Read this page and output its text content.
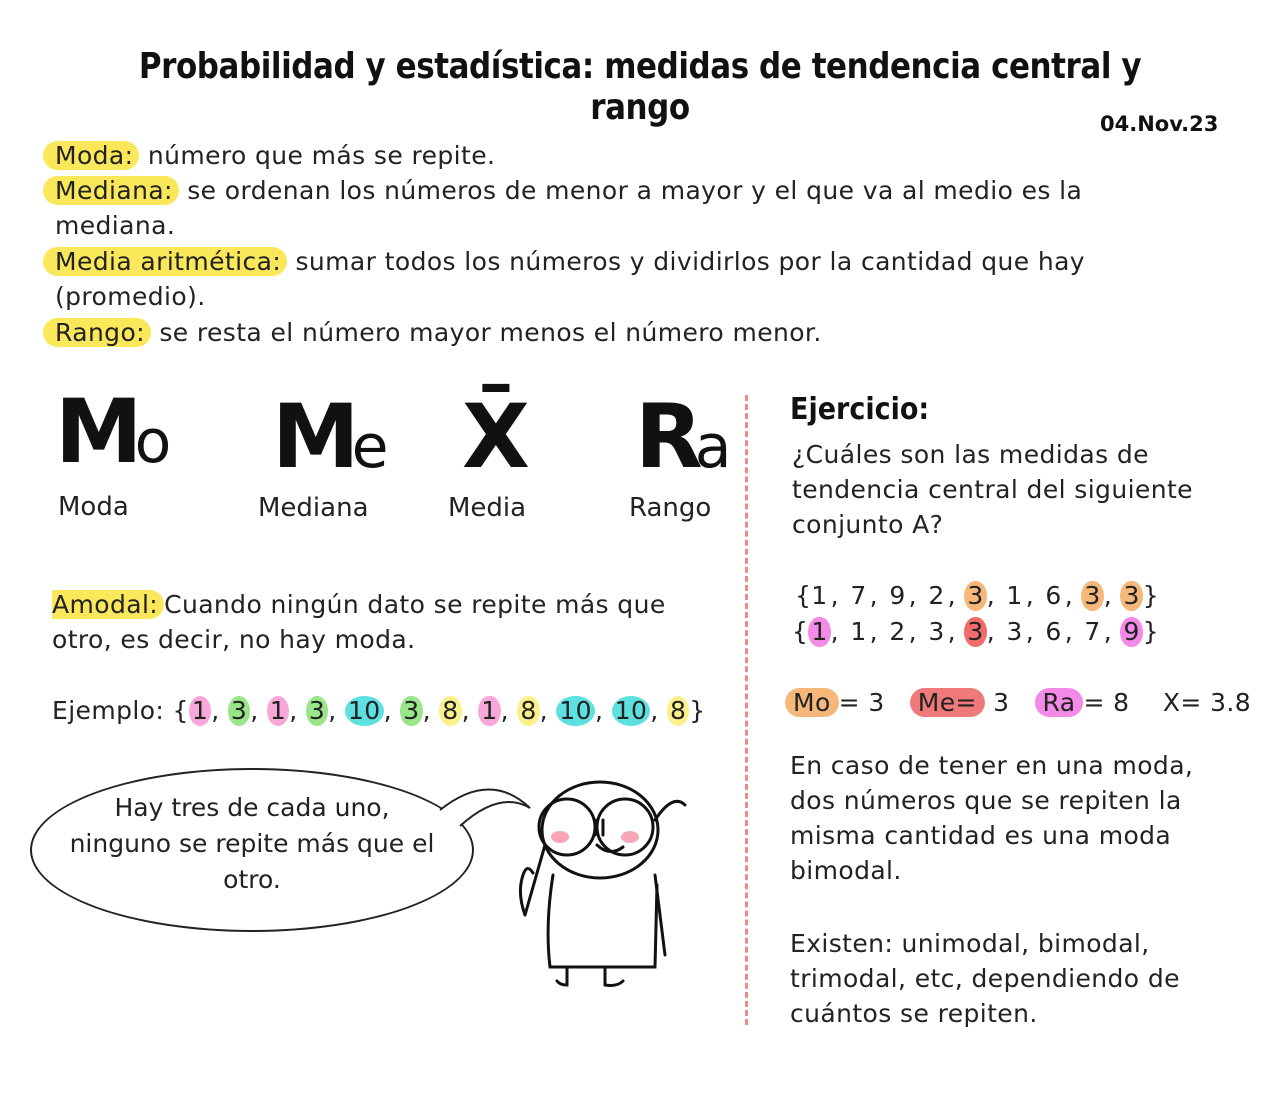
Probabilidad y estadística: medidas de tendencia central y rango	04.Nov.23
Moda: número que más se repite.
Mediana: se ordenan los números de menor a mayor y el que va al medio es la
mediana.
Media aritmética: sumar todos los números y dividirlos por la cantidad que hay
(promedio).
Rango: se resta el número mayor menos el número menor.
Mo
Moda
Me
Mediana
X̄
Media
Ra
Rango
Amodal: Cuando ningún dato se repite más que
otro, es decir, no hay moda.
Ejemplo: { 1 , 3 , 1 , 3 , 10 , 3 , 8 , 1 , 8 , 10 , 10 , 8 }
Hay tres de cada uno,
ninguno se repite más que el
otro.
Ejercicio:
¿Cuáles son las medidas de
tendencia central del siguiente
conjunto A?
{1 , 7 , 9 , 2 , 3 , 1 , 6 , 3 , 3 }
{ 1 , 1 , 2 , 3 , 3 , 3 , 6 , 7 , 9 }
Mo = 3 Me= 3 Ra = 8 X= 3.8
En caso de tener en una moda,
dos números que se repiten la
misma cantidad es una moda
bimodal.
Existen: unimodal, bimodal,
trimodal, etc, dependiendo de
cuántos se repiten.
